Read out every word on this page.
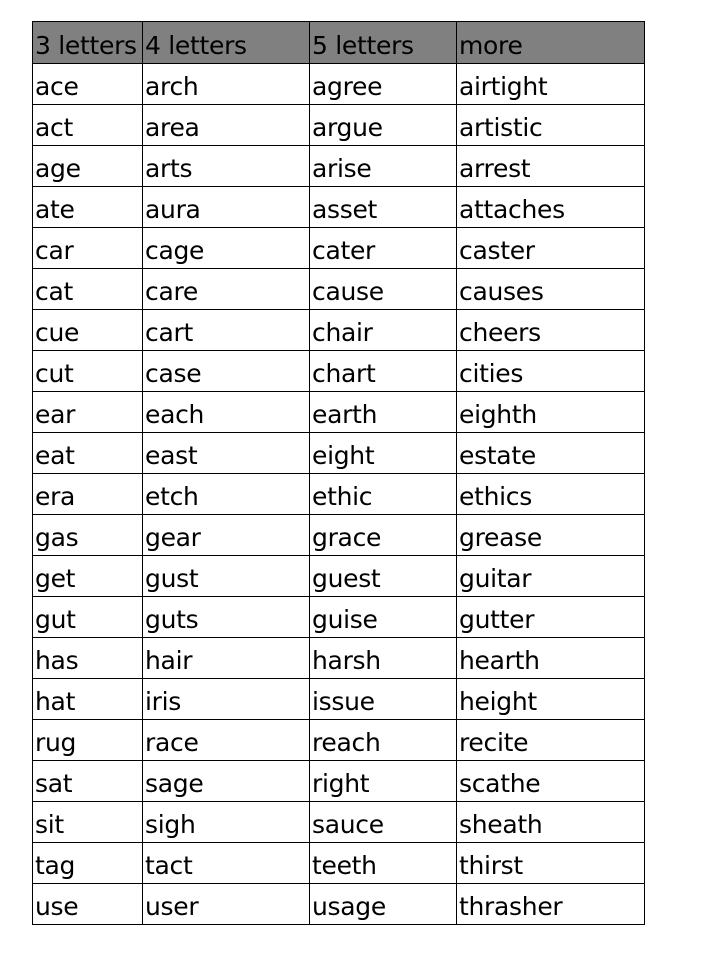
3 letters	4 letters	5 letters	more
ace	arch	agree	airtight
act	area	argue	artistic
age	arts	arise	arrest
ate	aura	asset	attaches
car	cage	cater	caster
cat	care	cause	causes
cue	cart	chair	cheers
cut	case	chart	cities
ear	each	earth	eighth
eat	east	eight	estate
era	etch	ethic	ethics
gas	gear	grace	grease
get	gust	guest	guitar
gut	guts	guise	gutter
has	hair	harsh	hearth
hat	iris	issue	height
rug	race	reach	recite
sat	sage	right	scathe
sit	sigh	sauce	sheath
tag	tact	teeth	thirst
use	user	usage	thrasher
